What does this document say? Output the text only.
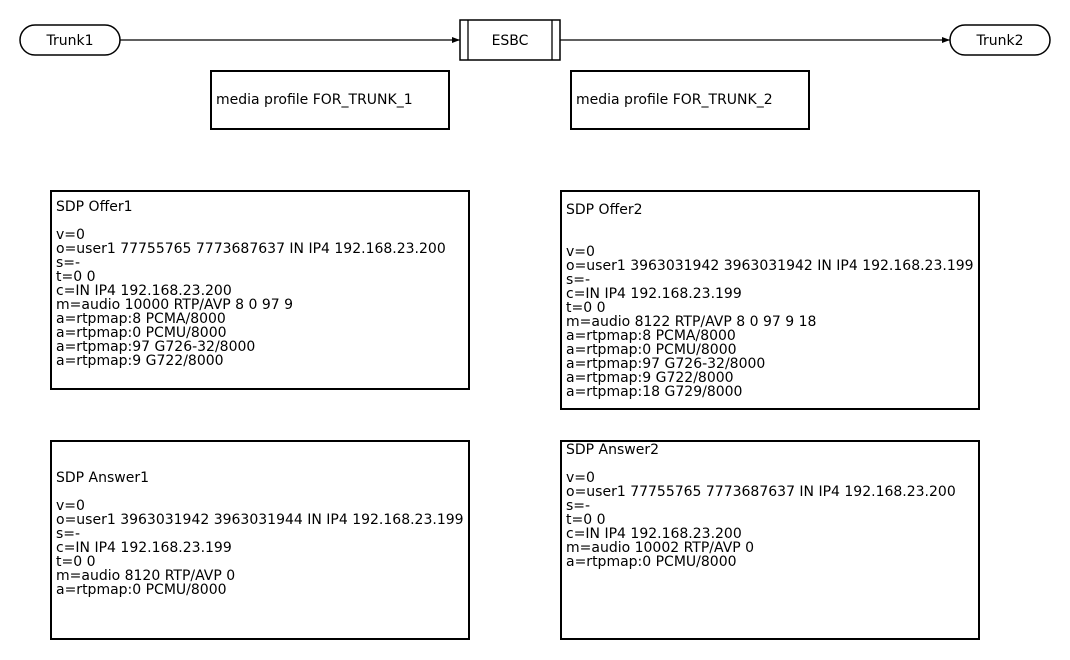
Trunk1	ESBC	Trunk2
media profile FOR_TRUNK_1	media profile FOR_TRUNK_2
SDP Offer1
v=0
o=user1 77755765 7773687637 IN IP4 192.168.23.200
s=-
t=0 0
c=IN IP4 192.168.23.200
m=audio 10000 RTP/AVP 8 0 97 9
a=rtpmap:8 PCMA/8000
a=rtpmap:0 PCMU/8000
a=rtpmap:97 G726-32/8000
a=rtpmap:9 G722/8000
SDP Offer2
v=0
o=user1 3963031942 3963031942 IN IP4 192.168.23.199
s=-
c=IN IP4 192.168.23.199
t=0 0
m=audio 8122 RTP/AVP 8 0 97 9 18
a=rtpmap:8 PCMA/8000
a=rtpmap:0 PCMU/8000
a=rtpmap:97 G726-32/8000
a=rtpmap:9 G722/8000
a=rtpmap:18 G729/8000
SDP Answer1
v=0
o=user1 3963031942 3963031944 IN IP4 192.168.23.199
s=-
c=IN IP4 192.168.23.199
t=0 0
m=audio 8120 RTP/AVP 0
a=rtpmap:0 PCMU/8000
SDP Answer2
v=0
o=user1 77755765 7773687637 IN IP4 192.168.23.200
s=-
t=0 0
c=IN IP4 192.168.23.200
m=audio 10002 RTP/AVP 0
a=rtpmap:0 PCMU/8000
